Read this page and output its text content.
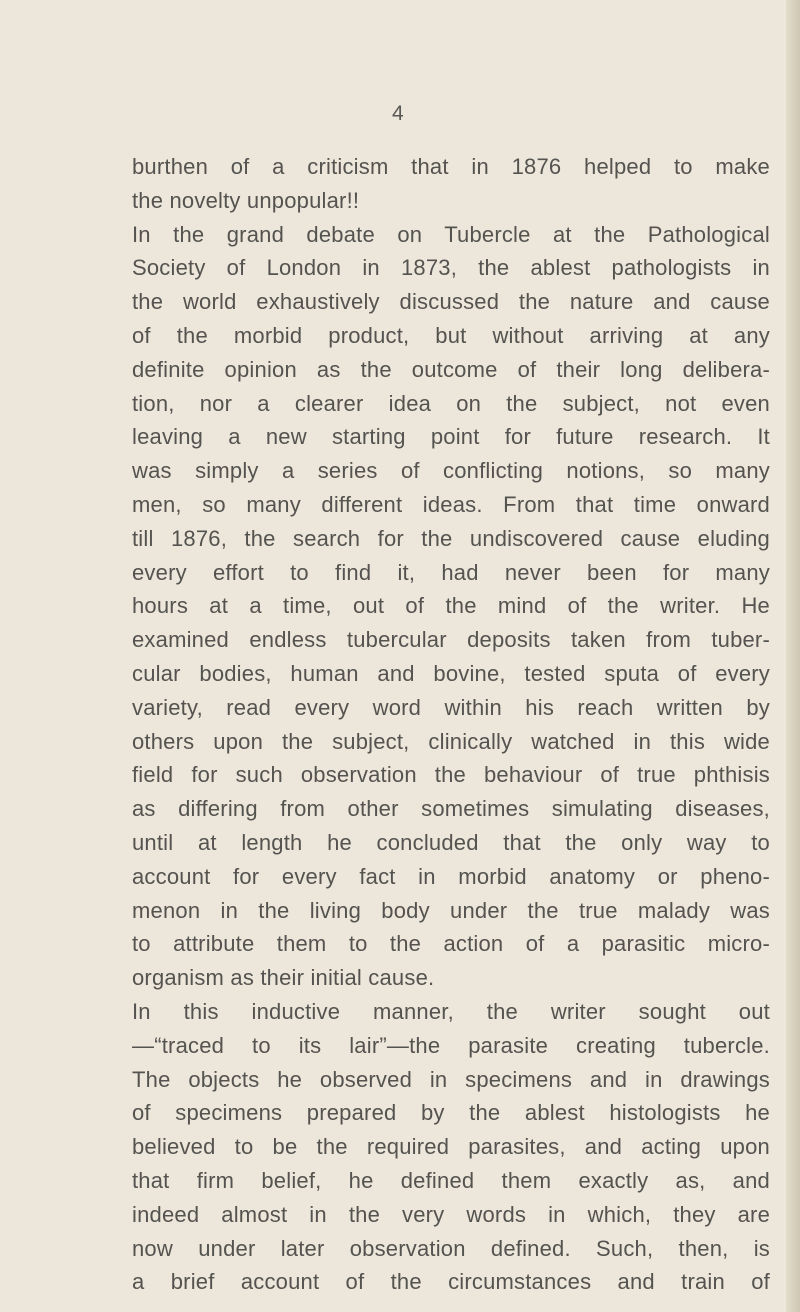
4
burthen of a criticism that in 1876 helped to make
the novelty unpopular!!
In the grand debate on Tubercle at the Pathological
Society of London in 1873, the ablest pathologists in
the world exhaustively discussed the nature and cause
of the morbid product, but without arriving at any
definite opinion as the outcome of their long delibera-
tion, nor a clearer idea on the subject, not even
leaving a new starting point for future research. It
was simply a series of conflicting notions, so many
men, so many different ideas. From that time onward
till 1876, the search for the undiscovered cause eluding
every effort to find it, had never been for many
hours at a time, out of the mind of the writer. He
examined endless tubercular deposits taken from tuber-
cular bodies, human and bovine, tested sputa of every
variety, read every word within his reach written by
others upon the subject, clinically watched in this wide
field for such observation the behaviour of true phthisis
as differing from other sometimes simulating diseases,
until at length he concluded that the only way to
account for every fact in morbid anatomy or pheno-
menon in the living body under the true malady was
to attribute them to the action of a parasitic micro-
organism as their initial cause.
In this inductive manner, the writer sought out
—“traced to its lair”—the parasite creating tubercle.
The objects he observed in specimens and in drawings
of specimens prepared by the ablest histologists he
believed to be the required parasites, and acting upon
that firm belief, he defined them exactly as, and
indeed almost in the very words in which, they are
now under later observation defined. Such, then, is
a brief account of the circumstances and train of
